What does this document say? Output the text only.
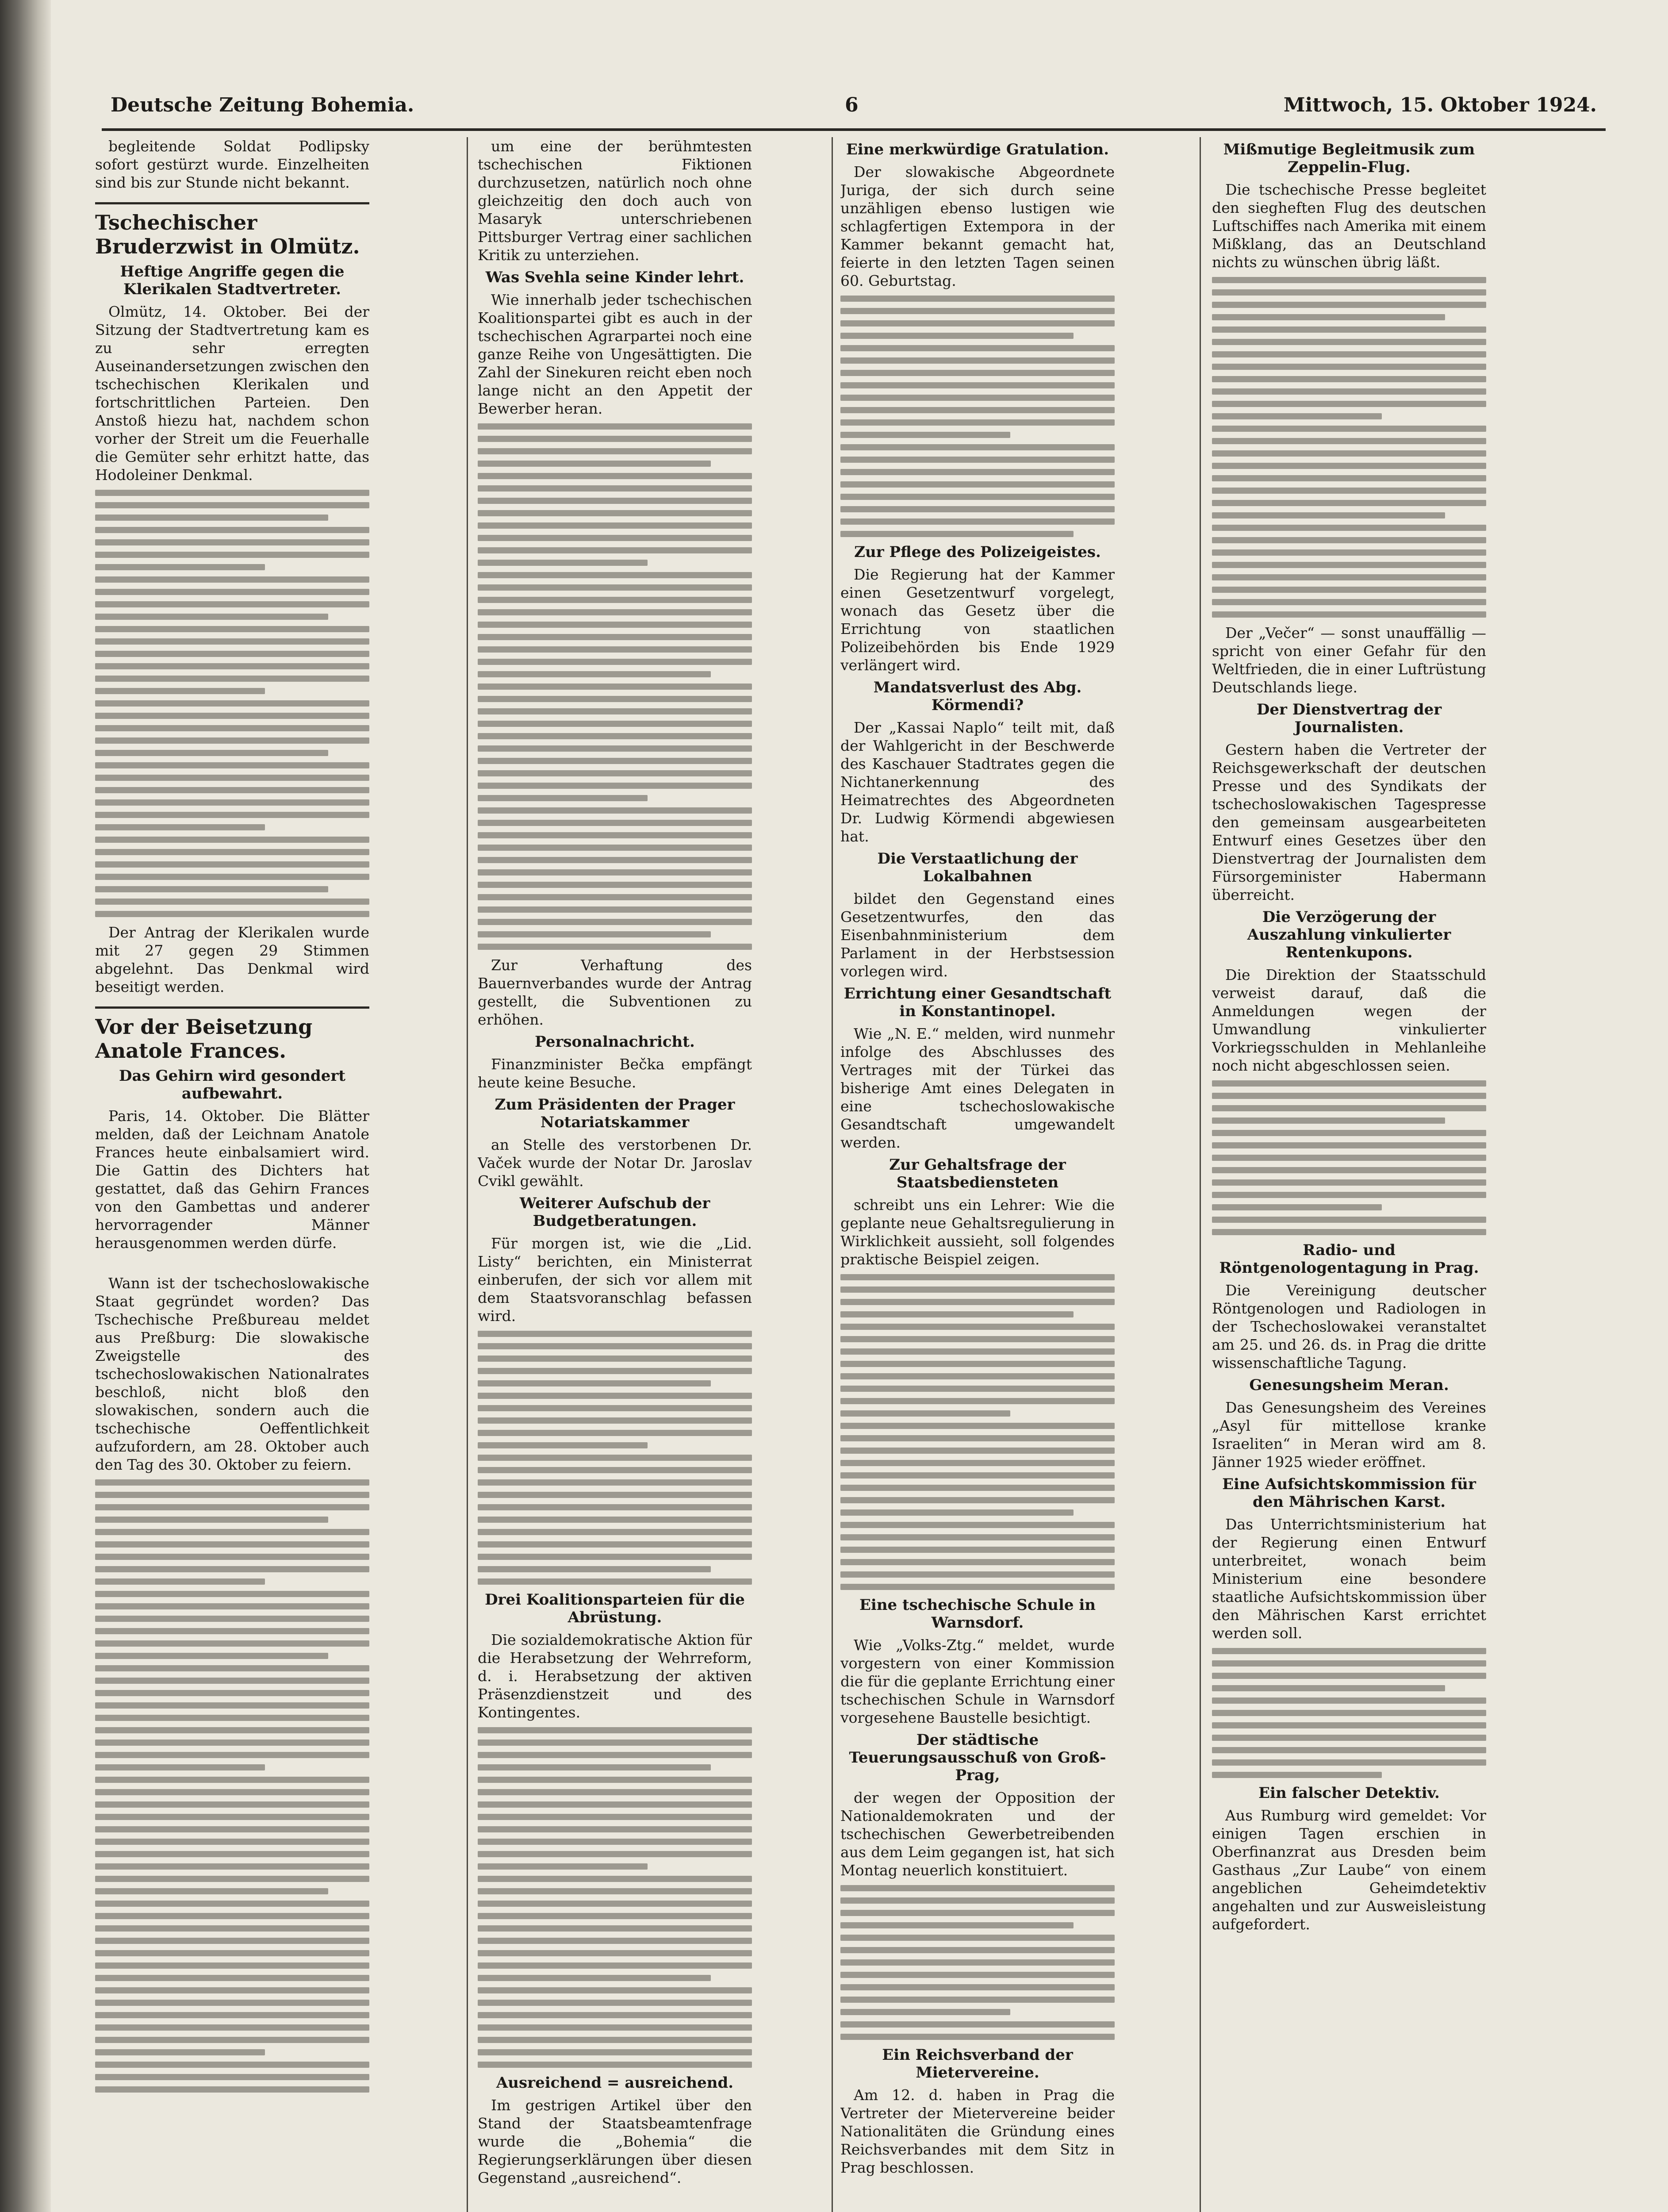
Deutsche Zeitung Bohemia.	6	Mittwoch, 15. Oktober 1924.

begleitende Soldat Podlipsky sofort gestürzt wurde. Einzelheiten sind bis zur Stunde nicht bekannt.

Tschechischer Bruderzwist in Olmütz.
Heftige Angriffe gegen die Klerikalen Stadtvertreter.

Olmütz, 14. Oktober. Bei der Sitzung der Stadtvertretung kam es zu sehr erregten Auseinandersetzungen zwischen den tschechischen Klerikalen und fortschrittlichen Parteien. Den Anstoß hiezu hat, nachdem schon vorher der Streit um die Feuerhalle die Gemüter sehr erhitzt hatte, das Hodoleiner Denkmal.

Der Antrag der Klerikalen wurde mit 27 gegen 29 Stimmen abgelehnt. Das Denkmal wird beseitigt werden.

Vor der Beisetzung Anatole Frances.
Das Gehirn wird gesondert aufbewahrt.

Paris, 14. Oktober. Die Blätter melden, daß der Leichnam Anatole Frances heute einbalsamiert wird. Die Gattin des Dichters hat gestattet, daß das Gehirn Frances von den Gambettas und anderer hervorragender Männer herausgenommen werden dürfe.

Wann ist der tschechoslowakische Staat gegründet worden? Das Tschechische Preßbureau meldet aus Preßburg: Die slowakische Zweigstelle des tschechoslowakischen Nationalrates beschloß, nicht bloß den slowakischen, sondern auch die tschechische Oeffentlichkeit aufzufordern, am 28. Oktober auch den Tag des 30. Oktober zu feiern.

um eine der berühmtesten tschechischen Fiktionen durchzusetzen, natürlich noch ohne gleichzeitig den doch auch von Masaryk unterschriebenen Pittsburger Vertrag einer sachlichen Kritik zu unterziehen.

Was Svehla seine Kinder lehrt.

Wie innerhalb jeder tschechischen Koalitionspartei gibt es auch in der tschechischen Agrarpartei noch eine ganze Reihe von Ungesättigten. Die Zahl der Sinekuren reicht eben noch lange nicht an den Appetit der Bewerber heran.

Zur Verhaftung des Bauernverbandes wurde der Antrag gestellt, die Subventionen zu erhöhen.

Personalnachricht.

Finanzminister Bečka empfängt heute keine Besuche.

Zum Präsidenten der Prager Notariatskammer

an Stelle des verstorbenen Dr. Vaček wurde der Notar Dr. Jaroslav Cvikl gewählt.

Weiterer Aufschub der Budgetberatungen.

Für morgen ist, wie die „Lid. Listy“ berichten, ein Ministerrat einberufen, der sich vor allem mit dem Staatsvoranschlag befassen wird.

Drei Koalitionsparteien für die Abrüstung.

Die sozialdemokratische Aktion für die Herabsetzung der Wehrreform, d. i. Herabsetzung der aktiven Präsenzdienstzeit und des Kontingentes.

Ausreichend = ausreichend.

Im gestrigen Artikel über den Stand der Staatsbeamtenfrage wurde die „Bohemia“ die Regierungserklärungen über diesen Gegenstand „ausreichend“.

Eine merkwürdige Gratulation.

Der slowakische Abgeordnete Juriga, der sich durch seine unzähligen ebenso lustigen wie schlagfertigen Extempora in der Kammer bekannt gemacht hat, feierte in den letzten Tagen seinen 60. Geburtstag.

Zur Pflege des Polizeigeistes.

Die Regierung hat der Kammer einen Gesetzentwurf vorgelegt, wonach das Gesetz über die Errichtung von staatlichen Polizeibehörden bis Ende 1929 verlängert wird.

Mandatsverlust des Abg. Körmendi?

Der „Kassai Naplo“ teilt mit, daß der Wahlgericht in der Beschwerde des Kaschauer Stadtrates gegen die Nichtanerkennung des Heimatrechtes des Abgeordneten Dr. Ludwig Körmendi abgewiesen hat.

Die Verstaatlichung der Lokalbahnen

bildet den Gegenstand eines Gesetzentwurfes, den das Eisenbahnministerium dem Parlament in der Herbstsession vorlegen wird.

Errichtung einer Gesandtschaft in Konstantinopel.

Wie „N. E.“ melden, wird nunmehr infolge des Abschlusses des Vertrages mit der Türkei das bisherige Amt eines Delegaten in eine tschechoslowakische Gesandtschaft umgewandelt werden.

Zur Gehaltsfrage der Staatsbediensteten

schreibt uns ein Lehrer: Wie die geplante neue Gehaltsregulierung in Wirklichkeit aussieht, soll folgendes praktische Beispiel zeigen.

Eine tschechische Schule in Warnsdorf.

Wie „Volks-Ztg.“ meldet, wurde vorgestern von einer Kommission die für die geplante Errichtung einer tschechischen Schule in Warnsdorf vorgesehene Baustelle besichtigt.

Der städtische Teuerungsausschuß von Groß-Prag,

der wegen der Opposition der Nationaldemokraten und der tschechischen Gewerbetreibenden aus dem Leim gegangen ist, hat sich Montag neuerlich konstituiert.

Ein Reichsverband der Mietervereine.

Am 12. d. haben in Prag die Vertreter der Mietervereine beider Nationalitäten die Gründung eines Reichsverbandes mit dem Sitz in Prag beschlossen.

Mißmutige Begleitmusik zum Zeppelin-Flug.

Die tschechische Presse begleitet den siegheften Flug des deutschen Luftschiffes nach Amerika mit einem Mißklang, das an Deutschland nichts zu wünschen übrig läßt.

Der „Večer“ — sonst unauffällig — spricht von einer Gefahr für den Weltfrieden, die in einer Luftrüstung Deutschlands liege.

Der Dienstvertrag der Journalisten.

Gestern haben die Vertreter der Reichsgewerkschaft der deutschen Presse und des Syndikats der tschechoslowakischen Tagespresse den gemeinsam ausgearbeiteten Entwurf eines Gesetzes über den Dienstvertrag der Journalisten dem Fürsorgeminister Habermann überreicht.

Die Verzögerung der Auszahlung vinkulierter Rentenkupons.

Die Direktion der Staatsschuld verweist darauf, daß die Anmeldungen wegen der Umwandlung vinkulierter Vorkriegsschulden in Mehlanleihe noch nicht abgeschlossen seien.

Radio- und Röntgenologentagung in Prag.

Die Vereinigung deutscher Röntgenologen und Radiologen in der Tschechoslowakei veranstaltet am 25. und 26. ds. in Prag die dritte wissenschaftliche Tagung.

Genesungsheim Meran.

Das Genesungsheim des Vereines „Asyl für mittellose kranke Israeliten“ in Meran wird am 8. Jänner 1925 wieder eröffnet.

Eine Aufsichtskommission für den Mährischen Karst.

Das Unterrichtsministerium hat der Regierung einen Entwurf unterbreitet, wonach beim Ministerium eine besondere staatliche Aufsichtskommission über den Mährischen Karst errichtet werden soll.

Ein falscher Detektiv.

Aus Rumburg wird gemeldet: Vor einigen Tagen erschien in Oberfinanzrat aus Dresden beim Gasthaus „Zur Laube“ von einem angeblichen Geheimdetektiv angehalten und zur Ausweisleistung aufgefordert.
